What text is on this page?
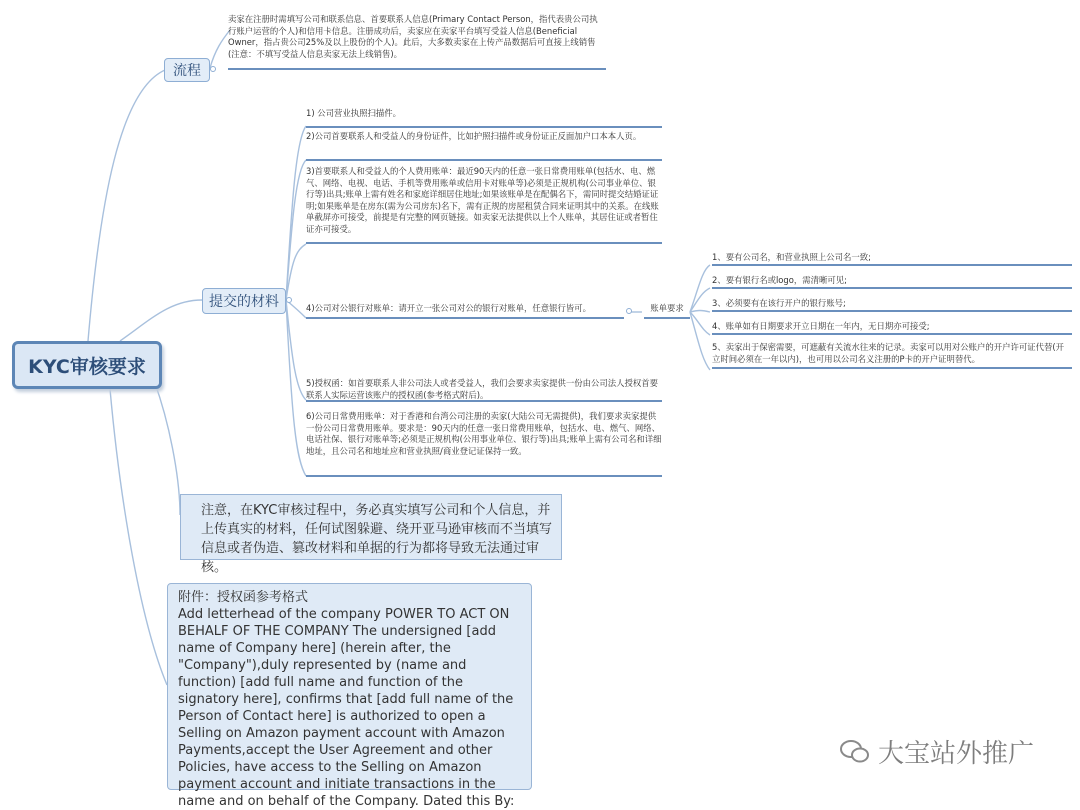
KYC审核要求
流程
卖家在注册时需填写公司和联系信息、首要联系人信息(Primary Contact Person，指代表贵公司执行账户运营的个人)和信用卡信息。注册成功后，卖家应在卖家平台填写受益人信息(Beneficial Owner，指占贵公司25%及以上股份的个人)。此后，大多数卖家在上传产品数据后可直接上线销售(注意：不填写受益人信息卖家无法上线销售)。
提交的材料
1) 公司营业执照扫描件。
2)公司首要联系人和受益人的身份证件，比如护照扫描件或身份证正反面加户口本本人页。
3)首要联系人和受益人的个人费用账单：最近90天内的任意一张日常费用账单(包括水、电、燃气、网络、电视、电话、手机等费用账单或信用卡对账单等)必须是正规机构(公司事业单位、银行等)出具;账单上需有姓名和家庭详细居住地址;如果该账单是在配偶名下，需同时提交结婚证证明;如果账单是在房东(需为公司房东)名下，需有正规的房屋租赁合同来证明其中的关系。在线账单截屏亦可接受，前提是有完整的网页链接。如卖家无法提供以上个人账单，其居住证或者暂住证亦可接受。
4)公司对公银行对账单：请开立一张公司对公的银行对账单，任意银行皆可。
5)授权函：如首要联系人非公司法人或者受益人，我们会要求卖家提供一份由公司法人授权首要联系人实际运营该账户的授权函(参考格式附后)。
6)公司日常费用账单：对于香港和台湾公司注册的卖家(大陆公司无需提供)，我们要求卖家提供一份公司日常费用账单。要求是：90天内的任意一张日常费用账单，包括水、电、燃气、网络、电话社保、银行对账单等;必须是正规机构(公用事业单位、银行等)出具;账单上需有公司名和详细地址，且公司名和地址应和营业执照/商业登记证保持一致。
账单要求
1、要有公司名，和营业执照上公司名一致;
2、要有银行名或logo，需清晰可见;
3、必须要有在该行开户的银行账号;
4、账单如有日期要求开立日期在一年内，无日期亦可接受;
5、卖家出于保密需要，可遮蔽有关流水往来的记录。卖家可以用对公账户的开户许可证代替(开立时间必须在一年以内)，也可用以公司名义注册的P卡的开户证明替代。
注意，在KYC审核过程中，务必真实填写公司和个人信息，并上传真实的材料，任何试图躲避、绕开亚马逊审核而不当填写信息或者伪造、篡改材料和单据的行为都将导致无法通过审核。
附件：授权函参考格式
Add letterhead of the company POWER TO ACT ON BEHALF OF THE COMPANY The undersigned [add name of Company here] (herein after, the "Company"),duly represented by (name and function) [add full name and function of the signatory here], confirms that [add full name of the Person of Contact here] is authorized to open a Selling on Amazon payment account with Amazon Payments,accept the User Agreement and other Policies, have access to the Selling on Amazon payment account and initiate transactions in the name and on behalf of the Company. Dated this By:
大宝站外推广
